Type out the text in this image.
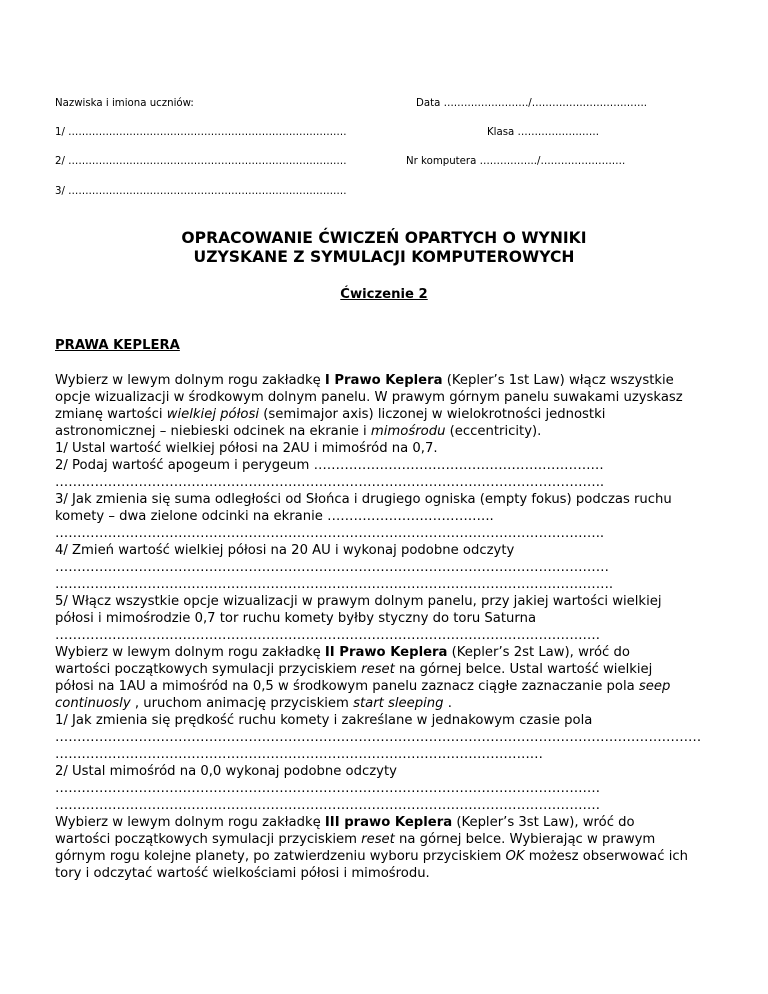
Nazwiska i imiona uczniów:	Data ……………………./…………………………….
1/ ……………………………………………………………………….	Klasa ……………………
2/ ……………………………………………………………………….	Nr komputera ……………../…………………….
3/ ……………………………………………………………………….
OPRACOWANIE ĆWICZEŃ OPARTYCH O WYNIKI
UZYSKANE Z SYMULACJI KOMPUTEROWYCH
Ćwiczenie 2
PRAWA KEPLERA
Wybierz w lewym dolnym rogu zakładkę I Prawo Keplera (Kepler’s 1st Law) włącz wszystkie
opcje wizualizacji w środkowym dolnym panelu. W prawym górnym panelu suwakami uzyskasz
zmianę wartości wielkiej półosi (semimajor axis) liczonej w wielokrotności jednostki
astronomicznej – niebieski odcinek na ekranie i mimośrodu (eccentricity).
1/ Ustal wartość wielkiej półosi na 2AU i mimośród na 0,7.
2/ Podaj wartość apogeum i perygeum …………………………………………………………
……………………………………………………………………………………………………………..
3/ Jak zmienia się suma odległości od Słońca i drugiego ogniska (empty fokus) podczas ruchu
komety – dwa zielone odcinki na ekranie ………………………………..
……………………………………………………………………………………………………………..
4/ Zmień wartość wielkiej półosi na 20 AU i wykonaj podobne odczyty
………………………………………………………………………………………………………………
……………………………………………………………………………………………………………….
5/ Włącz wszystkie opcje wizualizacji w prawym dolnym panelu, przy jakiej wartości wielkiej
półosi i mimośrodzie 0,7 tor ruchu komety byłby styczny do toru Saturna
…………………………………………………………………………………………………………….
Wybierz w lewym dolnym rogu zakładkę II Prawo Keplera (Kepler’s 2st Law), wróć do
wartości początkowych symulacji przyciskiem reset na górnej belce. Ustal wartość wielkiej
półosi na 1AU a mimośród na 0,5 w środkowym panelu zaznacz ciągłe zaznaczanie pola seep
continuosly , uruchom animację przyciskiem start sleeping .
1/ Jak zmienia się prędkość ruchu komety i zakreślane w jednakowym czasie pola
…………………………………………………………………………………………………………………………………
…………………………………………………………………………………………………
2/ Ustal mimośród na 0,0 wykonaj podobne odczyty
…………………………………………………………………………………………………………….
…………………………………………………………………………………………………………….
Wybierz w lewym dolnym rogu zakładkę III prawo Keplera (Kepler’s 3st Law), wróć do
wartości początkowych symulacji przyciskiem reset na górnej belce. Wybierając w prawym
górnym rogu kolejne planety, po zatwierdzeniu wyboru przyciskiem OK możesz obserwować ich
tory i odczytać wartość wielkościami półosi i mimośrodu.
